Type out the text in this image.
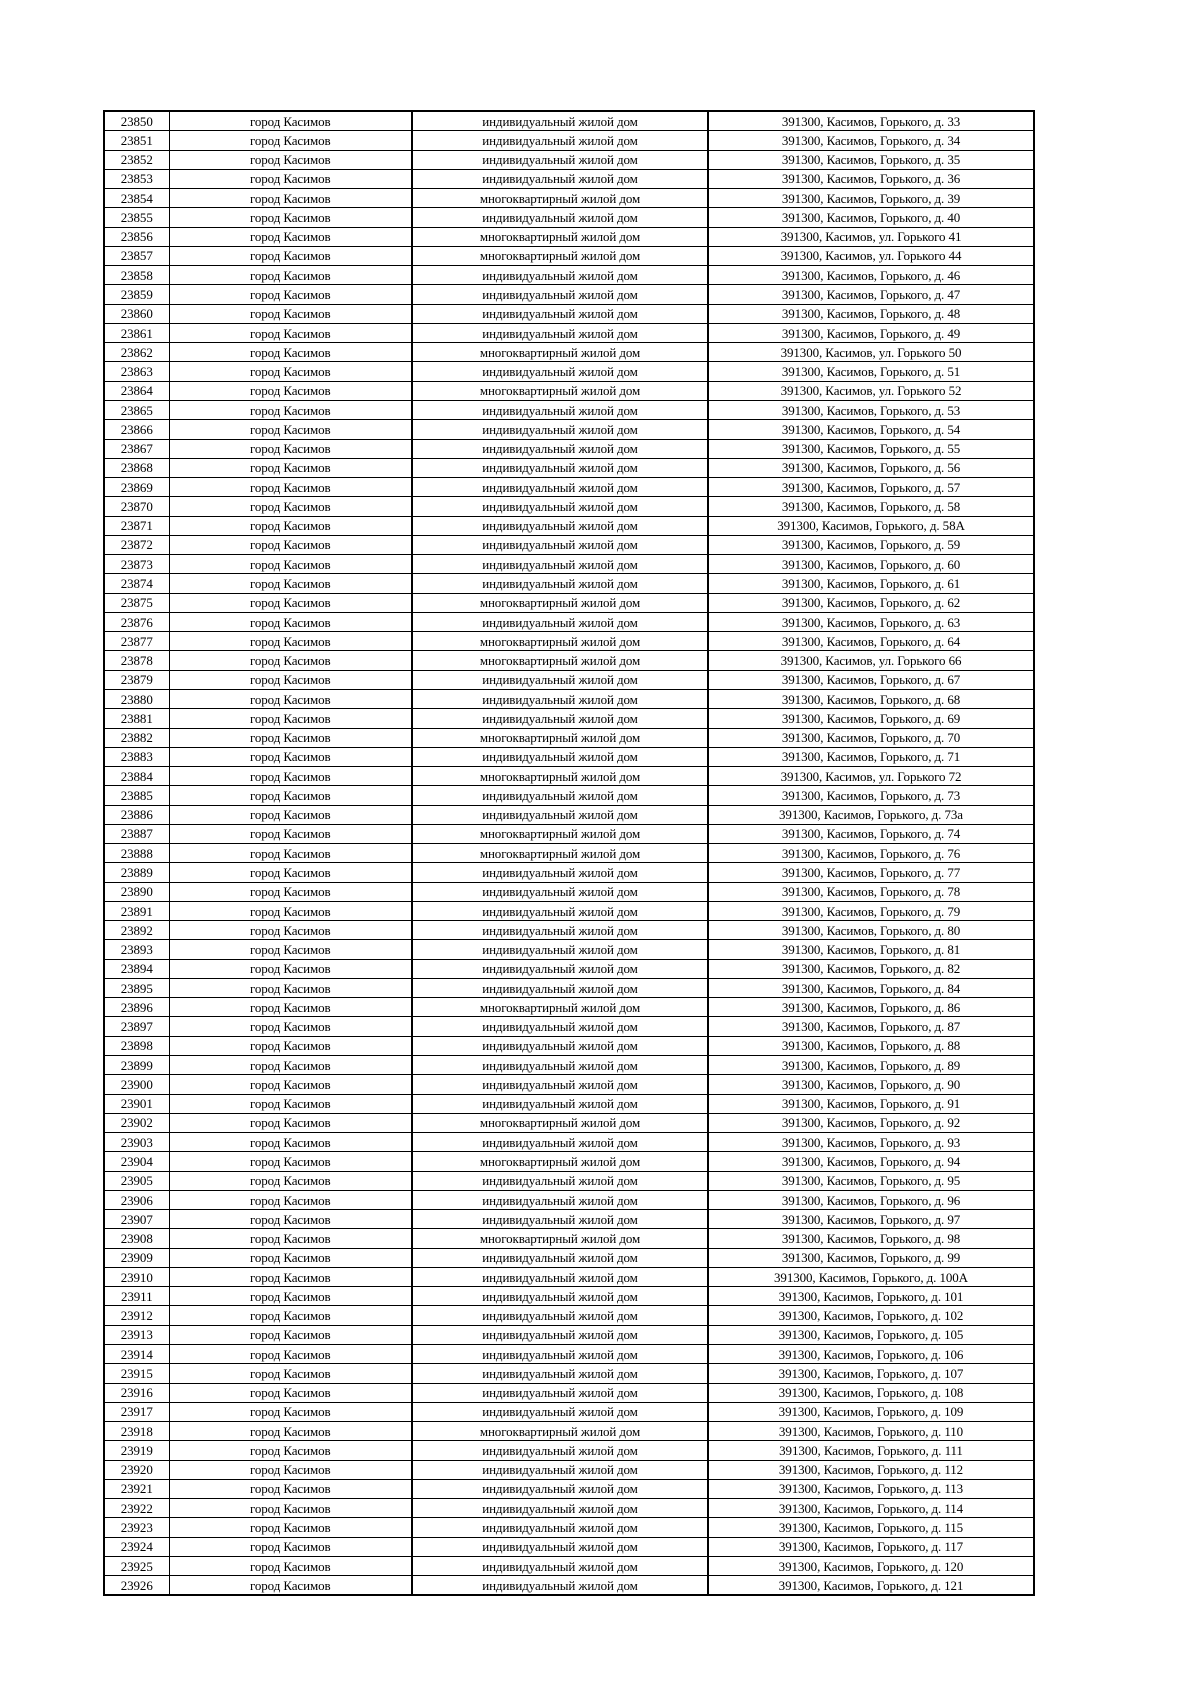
23850	город Касимов	индивидуальный жилой дом	391300, Касимов, Горького, д. 33
23851	город Касимов	индивидуальный жилой дом	391300, Касимов, Горького, д. 34
23852	город Касимов	индивидуальный жилой дом	391300, Касимов, Горького, д. 35
23853	город Касимов	индивидуальный жилой дом	391300, Касимов, Горького, д. 36
23854	город Касимов	многоквартирный жилой дом	391300, Касимов, Горького, д. 39
23855	город Касимов	индивидуальный жилой дом	391300, Касимов, Горького, д. 40
23856	город Касимов	многоквартирный жилой дом	391300, Касимов, ул. Горького 41
23857	город Касимов	многоквартирный жилой дом	391300, Касимов, ул. Горького 44
23858	город Касимов	индивидуальный жилой дом	391300, Касимов, Горького, д. 46
23859	город Касимов	индивидуальный жилой дом	391300, Касимов, Горького, д. 47
23860	город Касимов	индивидуальный жилой дом	391300, Касимов, Горького, д. 48
23861	город Касимов	индивидуальный жилой дом	391300, Касимов, Горького, д. 49
23862	город Касимов	многоквартирный жилой дом	391300, Касимов, ул. Горького 50
23863	город Касимов	индивидуальный жилой дом	391300, Касимов, Горького, д. 51
23864	город Касимов	многоквартирный жилой дом	391300, Касимов, ул. Горького 52
23865	город Касимов	индивидуальный жилой дом	391300, Касимов, Горького, д. 53
23866	город Касимов	индивидуальный жилой дом	391300, Касимов, Горького, д. 54
23867	город Касимов	индивидуальный жилой дом	391300, Касимов, Горького, д. 55
23868	город Касимов	индивидуальный жилой дом	391300, Касимов, Горького, д. 56
23869	город Касимов	индивидуальный жилой дом	391300, Касимов, Горького, д. 57
23870	город Касимов	индивидуальный жилой дом	391300, Касимов, Горького, д. 58
23871	город Касимов	индивидуальный жилой дом	391300, Касимов, Горького, д. 58А
23872	город Касимов	индивидуальный жилой дом	391300, Касимов, Горького, д. 59
23873	город Касимов	индивидуальный жилой дом	391300, Касимов, Горького, д. 60
23874	город Касимов	индивидуальный жилой дом	391300, Касимов, Горького, д. 61
23875	город Касимов	многоквартирный жилой дом	391300, Касимов, Горького, д. 62
23876	город Касимов	индивидуальный жилой дом	391300, Касимов, Горького, д. 63
23877	город Касимов	многоквартирный жилой дом	391300, Касимов, Горького, д. 64
23878	город Касимов	многоквартирный жилой дом	391300, Касимов, ул. Горького 66
23879	город Касимов	индивидуальный жилой дом	391300, Касимов, Горького, д. 67
23880	город Касимов	индивидуальный жилой дом	391300, Касимов, Горького, д. 68
23881	город Касимов	индивидуальный жилой дом	391300, Касимов, Горького, д. 69
23882	город Касимов	многоквартирный жилой дом	391300, Касимов, Горького, д. 70
23883	город Касимов	индивидуальный жилой дом	391300, Касимов, Горького, д. 71
23884	город Касимов	многоквартирный жилой дом	391300, Касимов, ул. Горького 72
23885	город Касимов	индивидуальный жилой дом	391300, Касимов, Горького, д. 73
23886	город Касимов	индивидуальный жилой дом	391300, Касимов, Горького, д. 73а
23887	город Касимов	многоквартирный жилой дом	391300, Касимов, Горького, д. 74
23888	город Касимов	многоквартирный жилой дом	391300, Касимов, Горького, д. 76
23889	город Касимов	индивидуальный жилой дом	391300, Касимов, Горького, д. 77
23890	город Касимов	индивидуальный жилой дом	391300, Касимов, Горького, д. 78
23891	город Касимов	индивидуальный жилой дом	391300, Касимов, Горького, д. 79
23892	город Касимов	индивидуальный жилой дом	391300, Касимов, Горького, д. 80
23893	город Касимов	индивидуальный жилой дом	391300, Касимов, Горького, д. 81
23894	город Касимов	индивидуальный жилой дом	391300, Касимов, Горького, д. 82
23895	город Касимов	индивидуальный жилой дом	391300, Касимов, Горького, д. 84
23896	город Касимов	многоквартирный жилой дом	391300, Касимов, Горького, д. 86
23897	город Касимов	индивидуальный жилой дом	391300, Касимов, Горького, д. 87
23898	город Касимов	индивидуальный жилой дом	391300, Касимов, Горького, д. 88
23899	город Касимов	индивидуальный жилой дом	391300, Касимов, Горького, д. 89
23900	город Касимов	индивидуальный жилой дом	391300, Касимов, Горького, д. 90
23901	город Касимов	индивидуальный жилой дом	391300, Касимов, Горького, д. 91
23902	город Касимов	многоквартирный жилой дом	391300, Касимов, Горького, д. 92
23903	город Касимов	индивидуальный жилой дом	391300, Касимов, Горького, д. 93
23904	город Касимов	многоквартирный жилой дом	391300, Касимов, Горького, д. 94
23905	город Касимов	индивидуальный жилой дом	391300, Касимов, Горького, д. 95
23906	город Касимов	индивидуальный жилой дом	391300, Касимов, Горького, д. 96
23907	город Касимов	индивидуальный жилой дом	391300, Касимов, Горького, д. 97
23908	город Касимов	многоквартирный жилой дом	391300, Касимов, Горького, д. 98
23909	город Касимов	индивидуальный жилой дом	391300, Касимов, Горького, д. 99
23910	город Касимов	индивидуальный жилой дом	391300, Касимов, Горького, д. 100А
23911	город Касимов	индивидуальный жилой дом	391300, Касимов, Горького, д. 101
23912	город Касимов	индивидуальный жилой дом	391300, Касимов, Горького, д. 102
23913	город Касимов	индивидуальный жилой дом	391300, Касимов, Горького, д. 105
23914	город Касимов	индивидуальный жилой дом	391300, Касимов, Горького, д. 106
23915	город Касимов	индивидуальный жилой дом	391300, Касимов, Горького, д. 107
23916	город Касимов	индивидуальный жилой дом	391300, Касимов, Горького, д. 108
23917	город Касимов	индивидуальный жилой дом	391300, Касимов, Горького, д. 109
23918	город Касимов	многоквартирный жилой дом	391300, Касимов, Горького, д. 110
23919	город Касимов	индивидуальный жилой дом	391300, Касимов, Горького, д. 111
23920	город Касимов	индивидуальный жилой дом	391300, Касимов, Горького, д. 112
23921	город Касимов	индивидуальный жилой дом	391300, Касимов, Горького, д. 113
23922	город Касимов	индивидуальный жилой дом	391300, Касимов, Горького, д. 114
23923	город Касимов	индивидуальный жилой дом	391300, Касимов, Горького, д. 115
23924	город Касимов	индивидуальный жилой дом	391300, Касимов, Горького, д. 117
23925	город Касимов	индивидуальный жилой дом	391300, Касимов, Горького, д. 120
23926	город Касимов	индивидуальный жилой дом	391300, Касимов, Горького, д. 121
